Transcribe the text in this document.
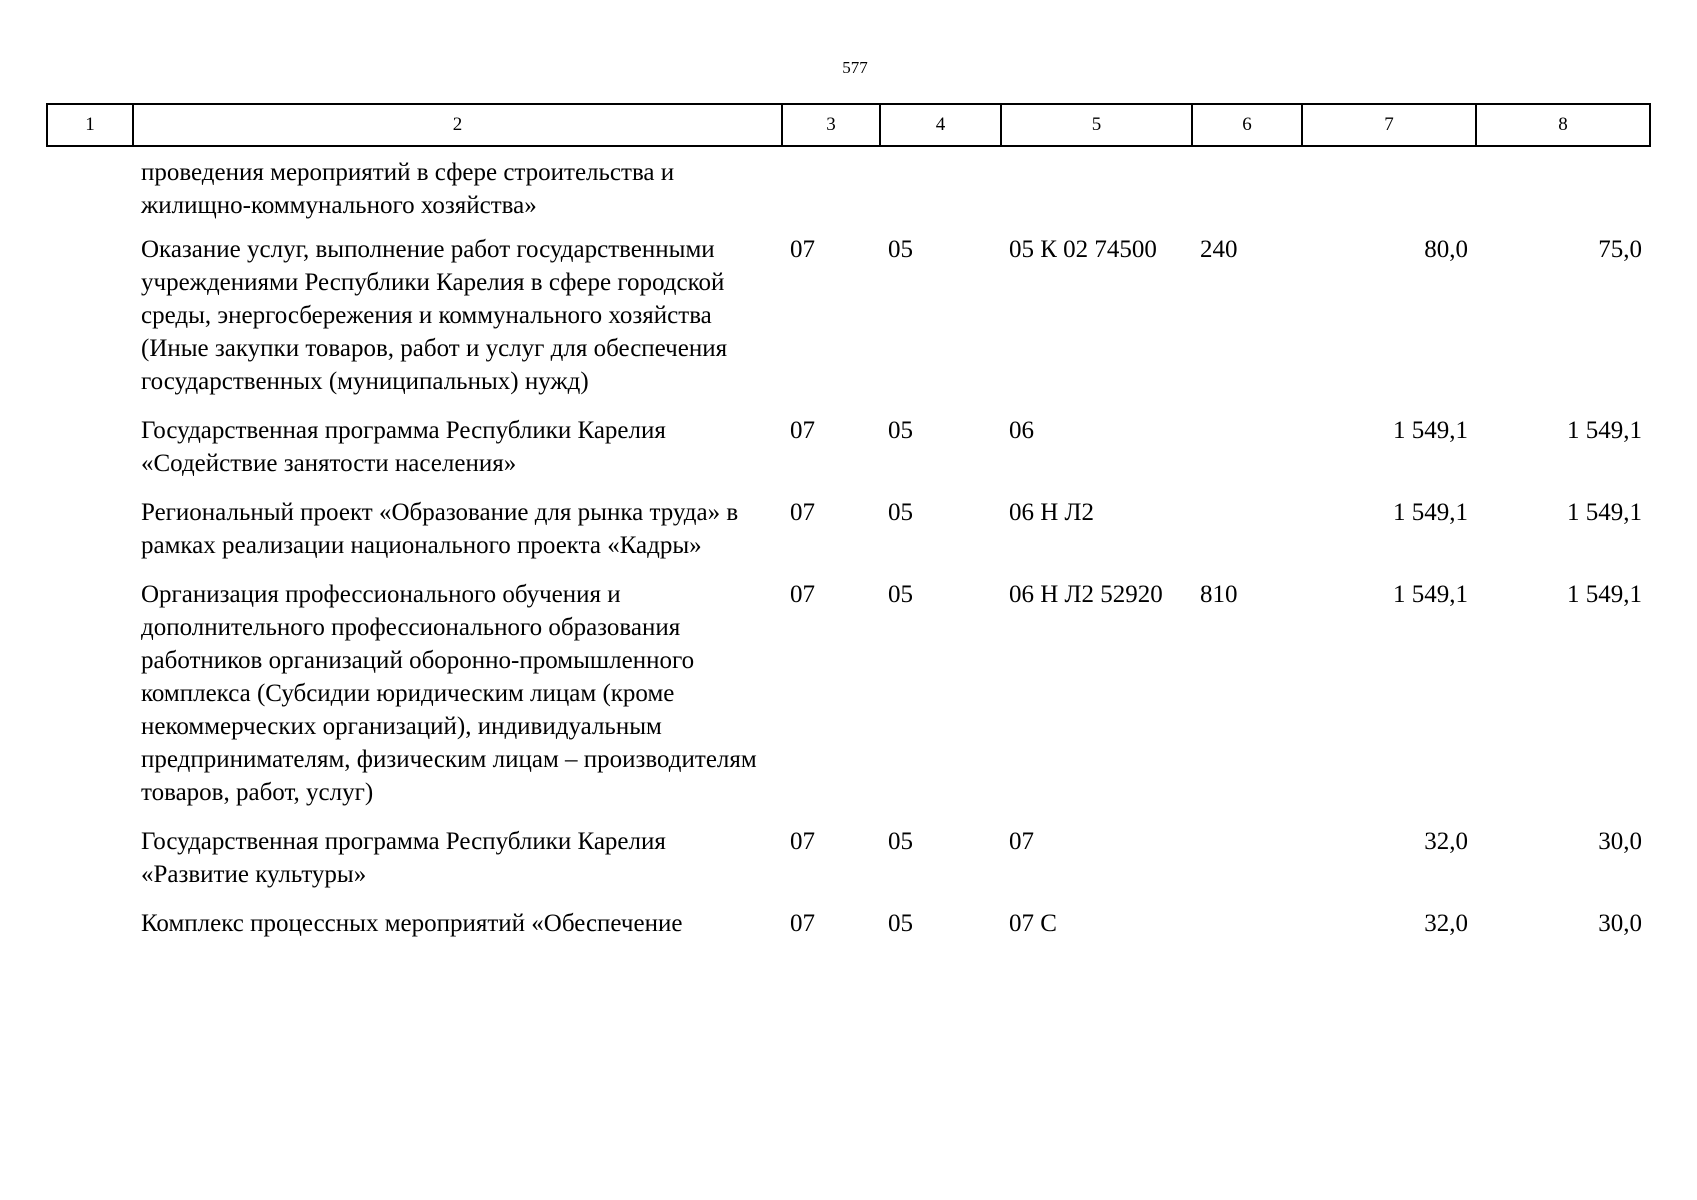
577
1	2	3	4	5	6	7	8
	проведения мероприятий в сфере строительства и жилищно-коммунального хозяйства»						
	Оказание услуг, выполнение работ государственными учреждениями Республики Карелия в сфере городской среды, энергосбережения и коммунального хозяйства (Иные закупки товаров, работ и услуг для обеспечения государственных (муниципальных) нужд)	07	05	05 К 02 74500	240	80,0	75,0
	Государственная программа Республики Карелия «Содействие занятости населения»	07	05	06		1 549,1	1 549,1
	Региональный проект «Образование для рынка труда» в рамках реализации национального проекта «Кадры»	07	05	06 Н Л2		1 549,1	1 549,1
	Организация профессионального обучения и дополнительного профессионального образования работников организаций оборонно-промышленного комплекса (Субсидии юридическим лицам (кроме некоммерческих организаций), индивидуальным предпринимателям, физическим лицам – производителям товаров, работ, услуг)	07	05	06 Н Л2 52920	810	1 549,1	1 549,1
	Государственная программа Республики Карелия «Развитие культуры»	07	05	07		32,0	30,0
	Комплекс процессных мероприятий «Обеспечение	07	05	07 С		32,0	30,0
